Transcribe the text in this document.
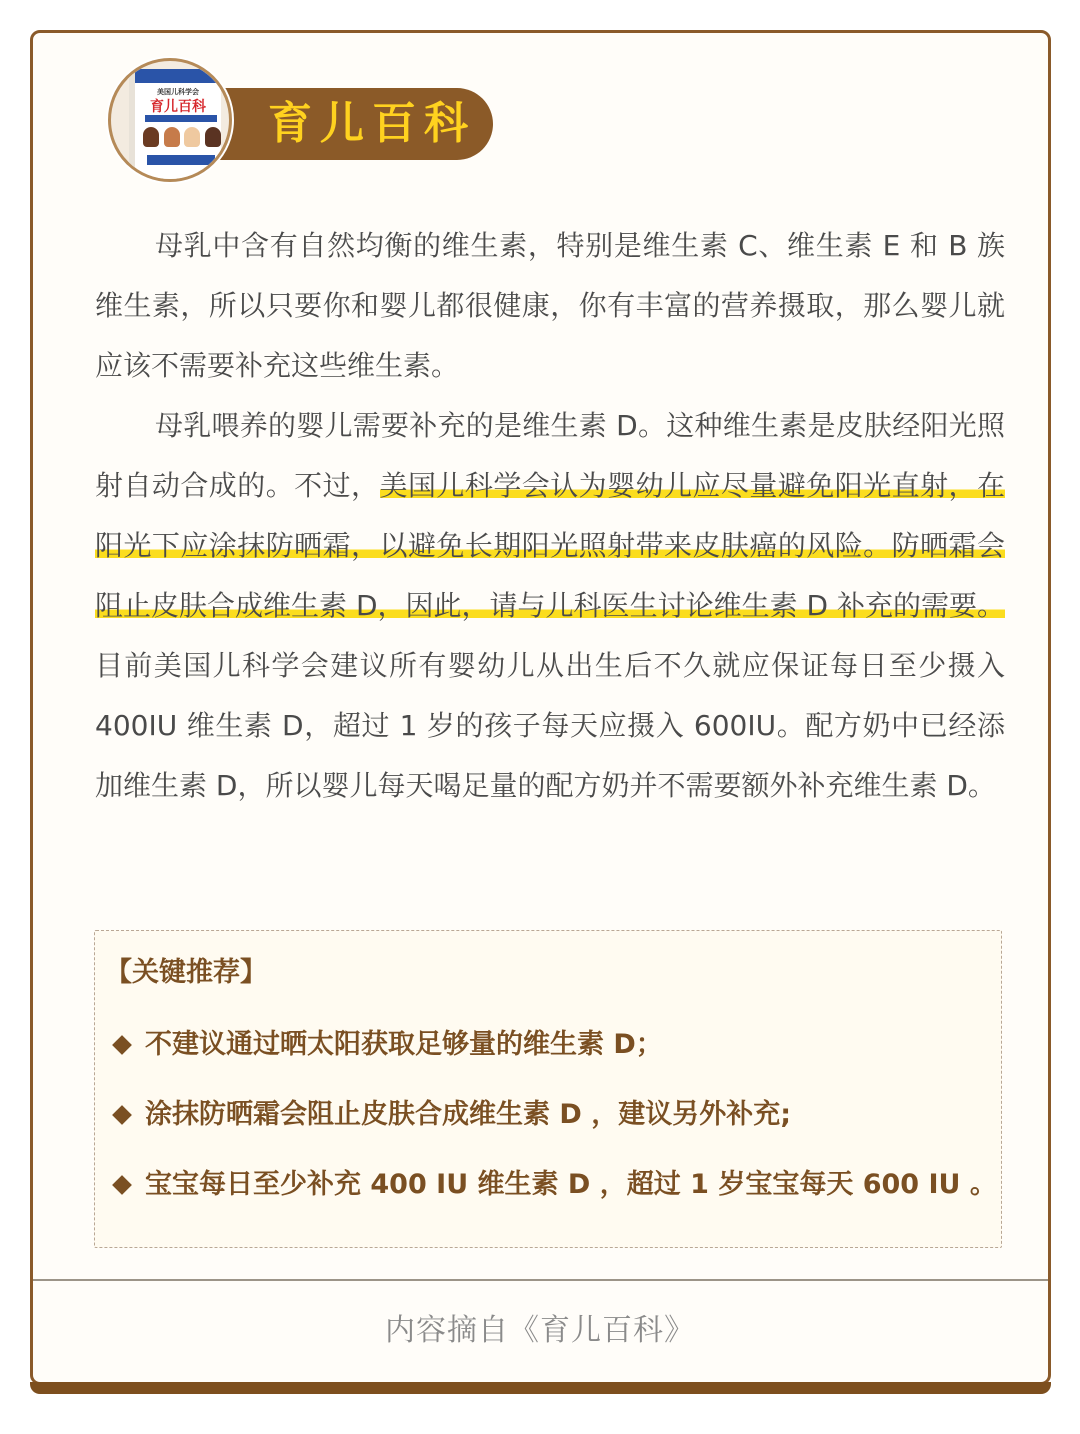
育儿百科
美国儿科学会
育儿百科

母乳中含有自然均衡的维生素，特别是维生素 C、维生素 E 和 B 族维生素，所以只要你和婴儿都很健康，你有丰富的营养摄取，那么婴儿就应该不需要补充这些维生素。

母乳喂养的婴儿需要补充的是维生素 D。这种维生素是皮肤经阳光照射自动合成的。不过，美国儿科学会认为婴幼儿应尽量避免阳光直射，在阳光下应涂抹防晒霜，以避免长期阳光照射带来皮肤癌的风险。防晒霜会阻止皮肤合成维生素 D，因此，请与儿科医生讨论维生素 D 补充的需要。目前美国儿科学会建议所有婴幼儿从出生后不久就应保证每日至少摄入 400IU 维生素 D，超过 1 岁的孩子每天应摄入 600IU。配方奶中已经添加维生素 D，所以婴儿每天喝足量的配方奶并不需要额外补充维生素 D。

【关键推荐】
不建议通过晒太阳获取足够量的维生素 D；
涂抹防晒霜会阻止皮肤合成维生素 D ，建议另外补充;
宝宝每日至少补充 400 IU 维生素 D ，超过 1 岁宝宝每天 600 IU 。
内容摘自《育儿百科》
